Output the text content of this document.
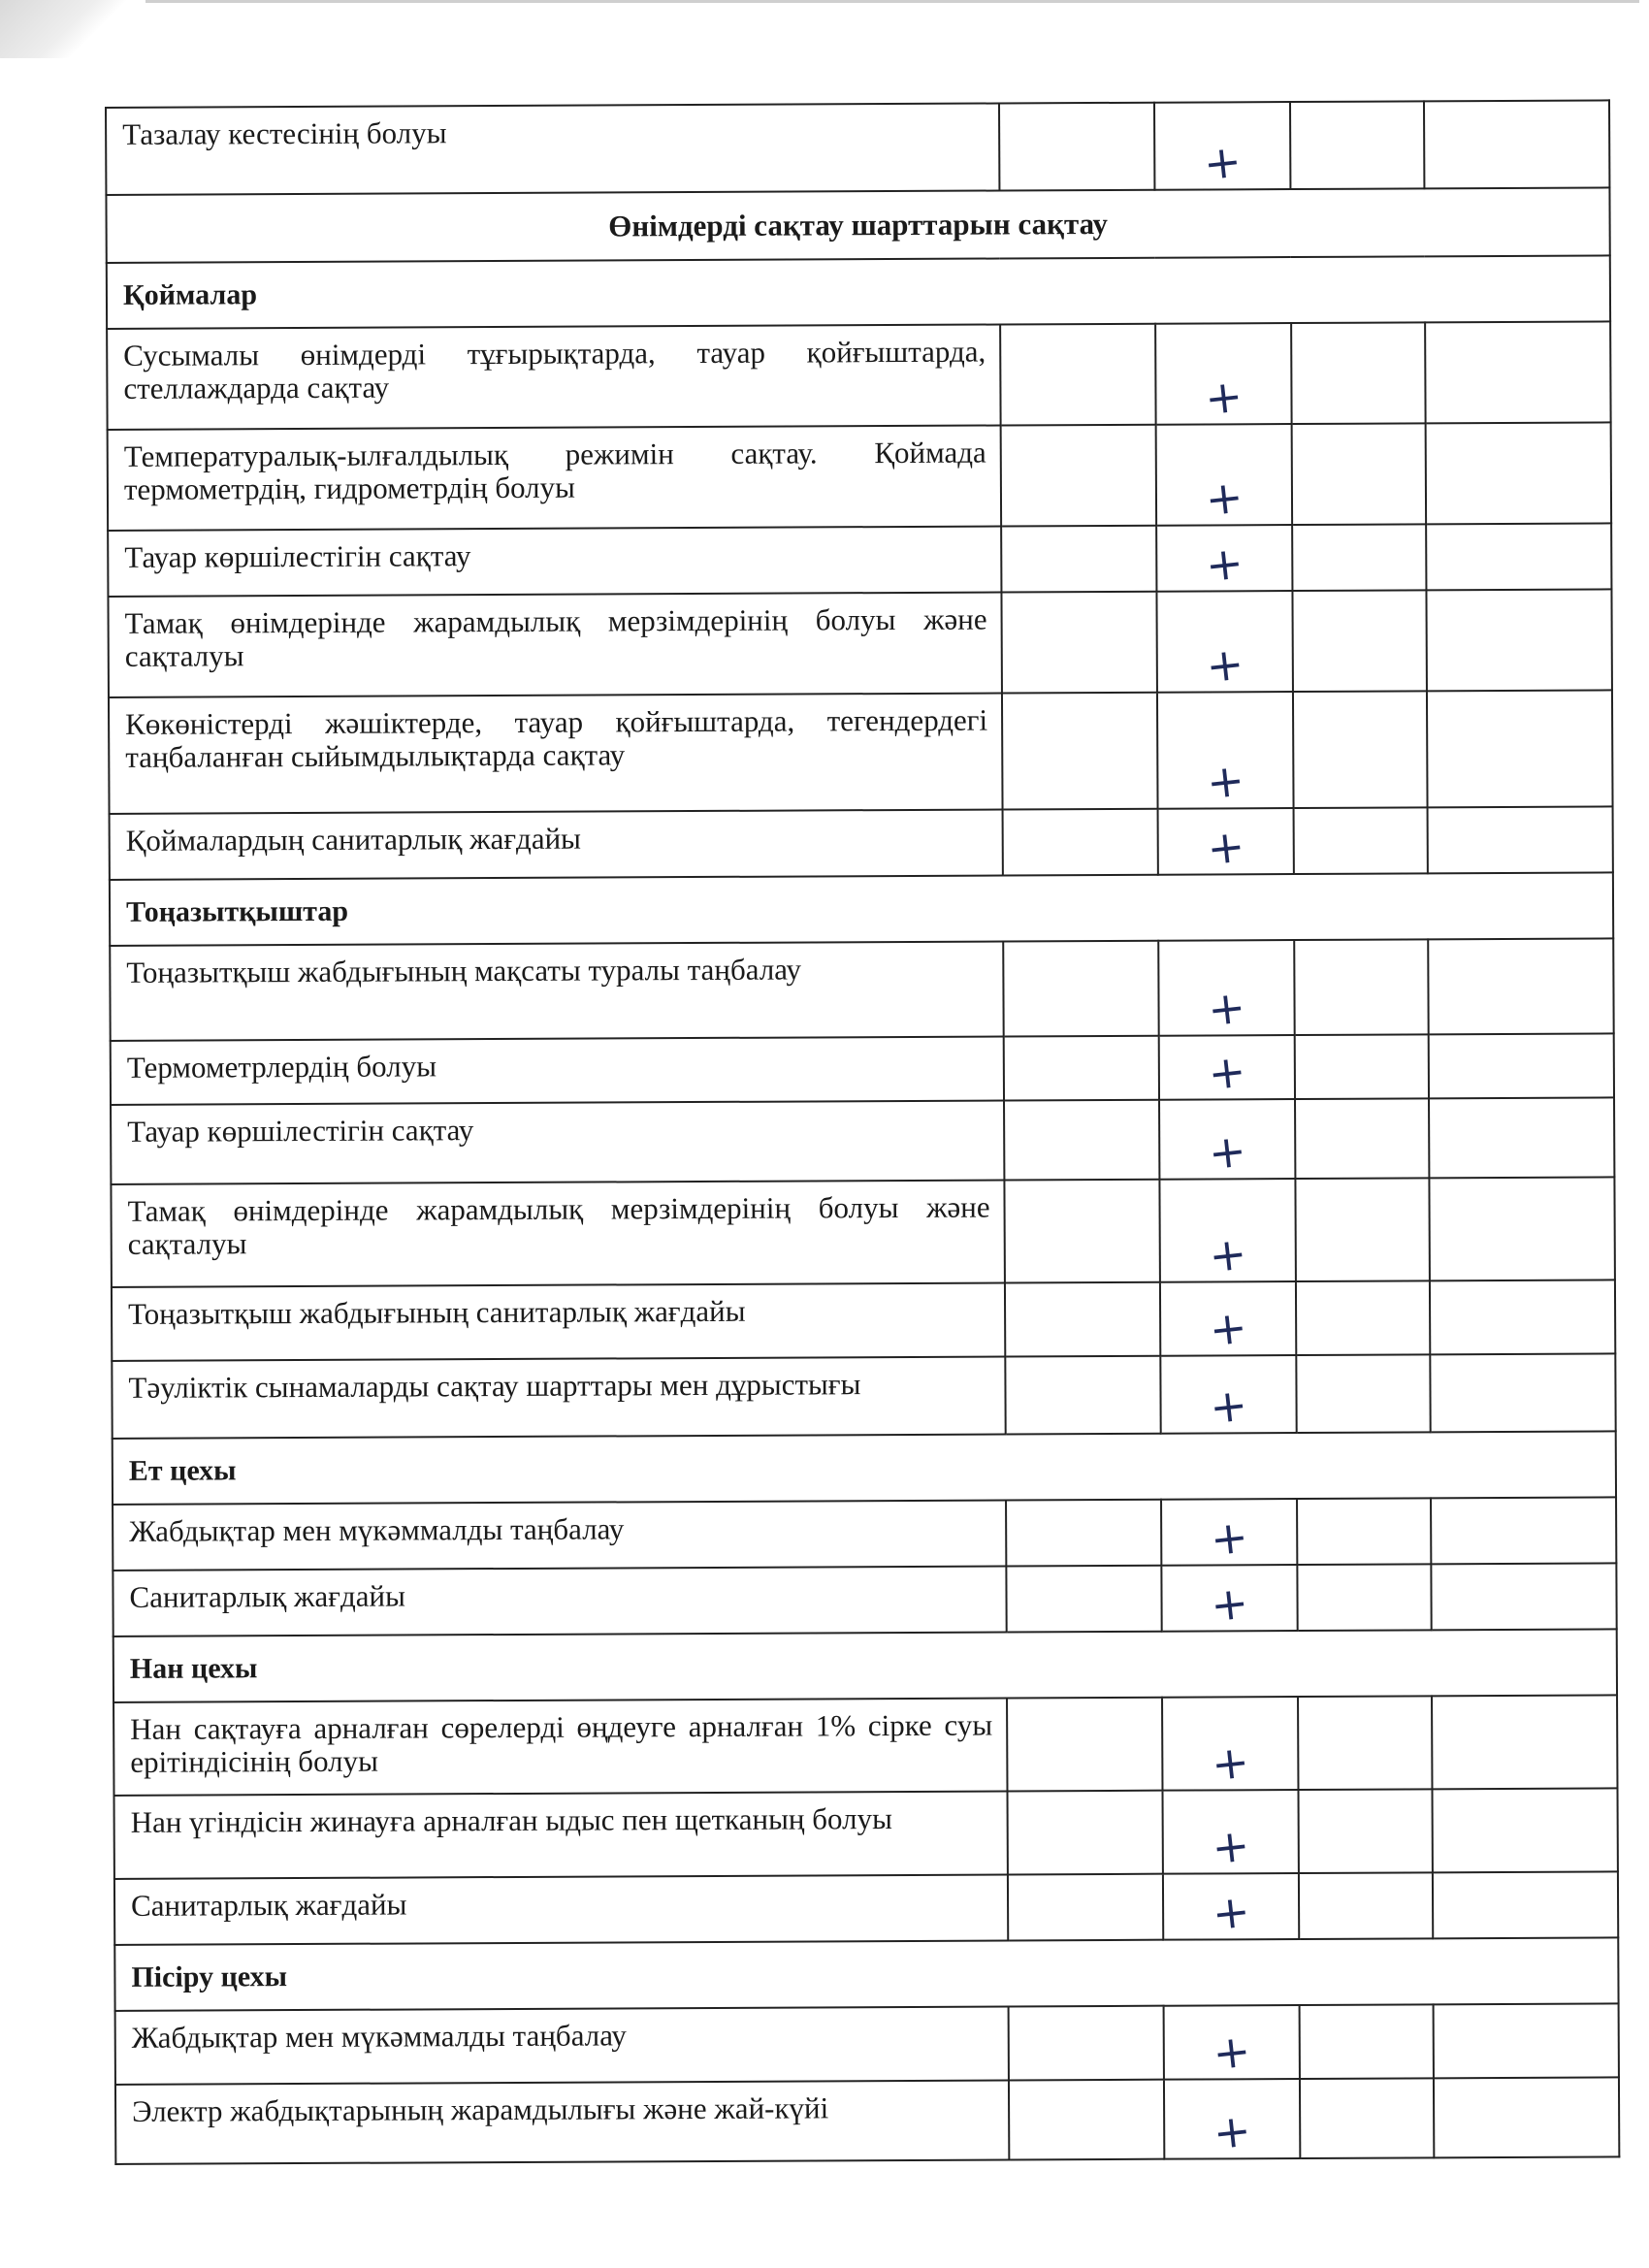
Тазалау кестесінің болуы		+		

Өнімдерді сақтау шарттарын сақтау				
Қоймалар				
Сусымалы өнімдерді тұғырықтарда, тауар қойғыштарда, стеллаждарда сақтау		+		

Температуралық-ылғалдылық режимін сақтау. Қоймада термометрдің, гидрометрдің болуы		+		

Тауар көршілестігін сақтау		+		

Тамақ өнімдерінде жарамдылық мерзімдерінің болуы және сақталуы		+		

Көкөністерді жәшіктерде, тауар қойғыштарда, тегендердегі таңбаланған сыйымдылықтарда сақтау		+		

Қоймалардың санитарлық жағдайы		+		

Тоңазытқыштар				
Тоңазытқыш жабдығының мақсаты туралы таңбалау		+		

Термометрлердің болуы		+		

Тауар көршілестігін сақтау		+		

Тамақ өнімдерінде жарамдылық мерзімдерінің болуы және сақталуы		+		

Тоңазытқыш жабдығының санитарлық жағдайы		+		

Тәуліктік сынамаларды сақтау шарттары мен дұрыстығы		+		

Ет цехы				
Жабдықтар мен мүкәммалды таңбалау		+		

Санитарлық жағдайы		+		

Нан цехы				
Нан сақтауға арналған сөрелерді өңдеуге арналған 1% сірке суы ерітіндісінің болуы		+		

Нан үгіндісін жинауға арналған ыдыс пен щетканың болуы		+		

Санитарлық жағдайы		+		

Пісіру цехы				
Жабдықтар мен мүкәммалды таңбалау		+		

Электр жабдықтарының жарамдылығы және жай-күйі		+		
